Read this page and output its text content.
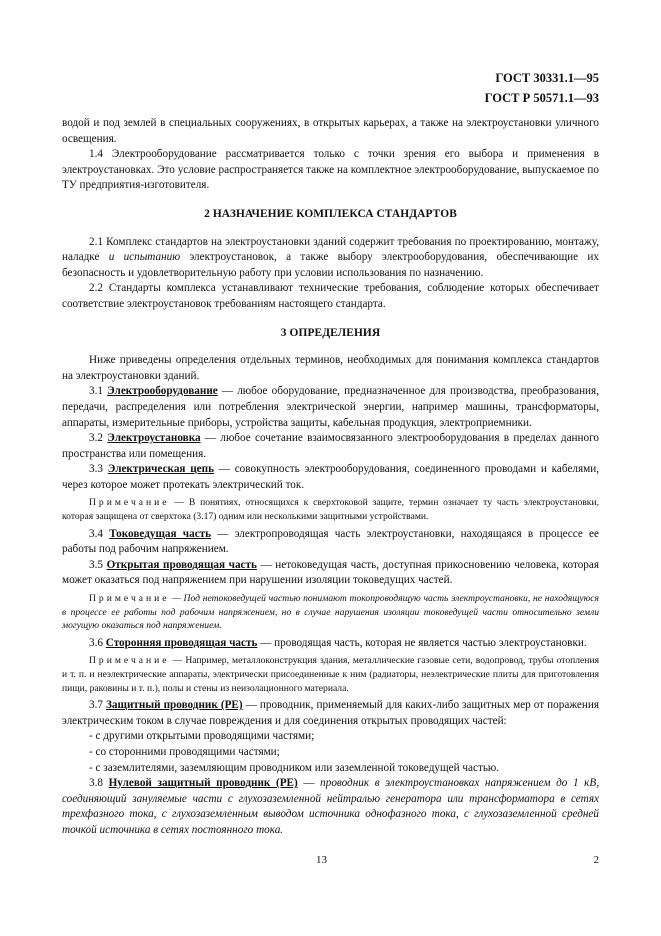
ГОСТ 30331.1—95
ГОСТ Р 50571.1—93

водой и под землей в специальных сооружениях, в открытых карьерах, а также на электроустановки уличного освещения.

1.4 Электрооборудование рассматривается только с точки зрения его выбора и применения в электроустановках. Это условие распространяется также на комплектное электрооборудование, выпускаемое по ТУ предприятия-изготовителя.

2 НАЗНАЧЕНИЕ КОМПЛЕКСА СТАНДАРТОВ

2.1 Комплекс стандартов на электроустановки зданий содержит требования по проектированию, монтажу, наладке и испытанию электроустановок, а также выбору электрооборудования, обеспечивающие их безопасность и удовлетворительную работу при условии использования по назначению.

2.2 Стандарты комплекса устанавливают технические требования, соблюдение которых обеспечивает соответствие электроустановок требованиям настоящего стандарта.

3 ОПРЕДЕЛЕНИЯ

Ниже приведены определения отдельных терминов, необходимых для понимания комплекса стандартов на электроустановки зданий.

3.1 Электрооборудование — любое оборудование, предназначенное для производства, преобразования, передачи, распределения или потребления электрической энергии, например машины, трансформаторы, аппараты, измерительные приборы, устройства защиты, кабельная продукция, электроприемники.

3.2 Электроустановка — любое сочетание взаимосвязанного электрооборудования в пределах данного пространства или помещения.

3.3 Электрическая цепь — совокупность электрооборудования, соединенного проводами и кабелями, через которое может протекать электрический ток.

Примечание — В понятиях, относящихся к сверхтоковой защите, термин означает ту часть электроустановки, которая защищена от сверхтока (3.17) одним или несколькими защитными устройствами.

3.4 Токоведущая часть — электропроводящая часть электроустановки, находящаяся в процессе ее работы под рабочим напряжением.

3.5 Открытая проводящая часть — нетоковедущая часть, доступная прикосновению человека, которая может оказаться под напряжением при нарушении изоляции токоведущих частей.

Примечание — Под нетоковедущей частью понимают токопроводящую часть электроустановки, не находящуюся в процессе ее работы под рабочим напряжением, но в случае нарушения изоляции токоведущей части относительно земли могущую оказаться под напряжением.

3.6 Сторонняя проводящая часть — проводящая часть, которая не является частью электроустановки.

Примечание — Например, металлоконструкция здания, металлические газовые сети, водопровод, трубы отопления и т. п. и неэлектрические аппараты, электрически присоединенные к ним (радиаторы, неэлектрические плиты для приготовления пищи, раковины и т. п.), полы и стены из неизолационного материала.

3.7 Защитный проводник (РЕ) — проводник, применяемый для каких-либо защитных мер от поражения электрическим током в случае повреждения и для соединения открытых проводящих частей:

- с другими открытыми проводящими частями;

- со сторонними проводящими частями;

- с заземлителями, заземляющим проводником или заземленной токоведущей частью.

3.8 Нулевой защитный проводник (РЕ) — проводник в электроустановках напряжением до 1 кВ, соединяющий зануляемые части с глухозаземленной нейтралью генератора или трансформатора в сетях трехфазного тока, с глухозаземленным выводом источника однофазного тока, с глухозаземленной средней точкой источника в сетях постоянного тока.

13	2
